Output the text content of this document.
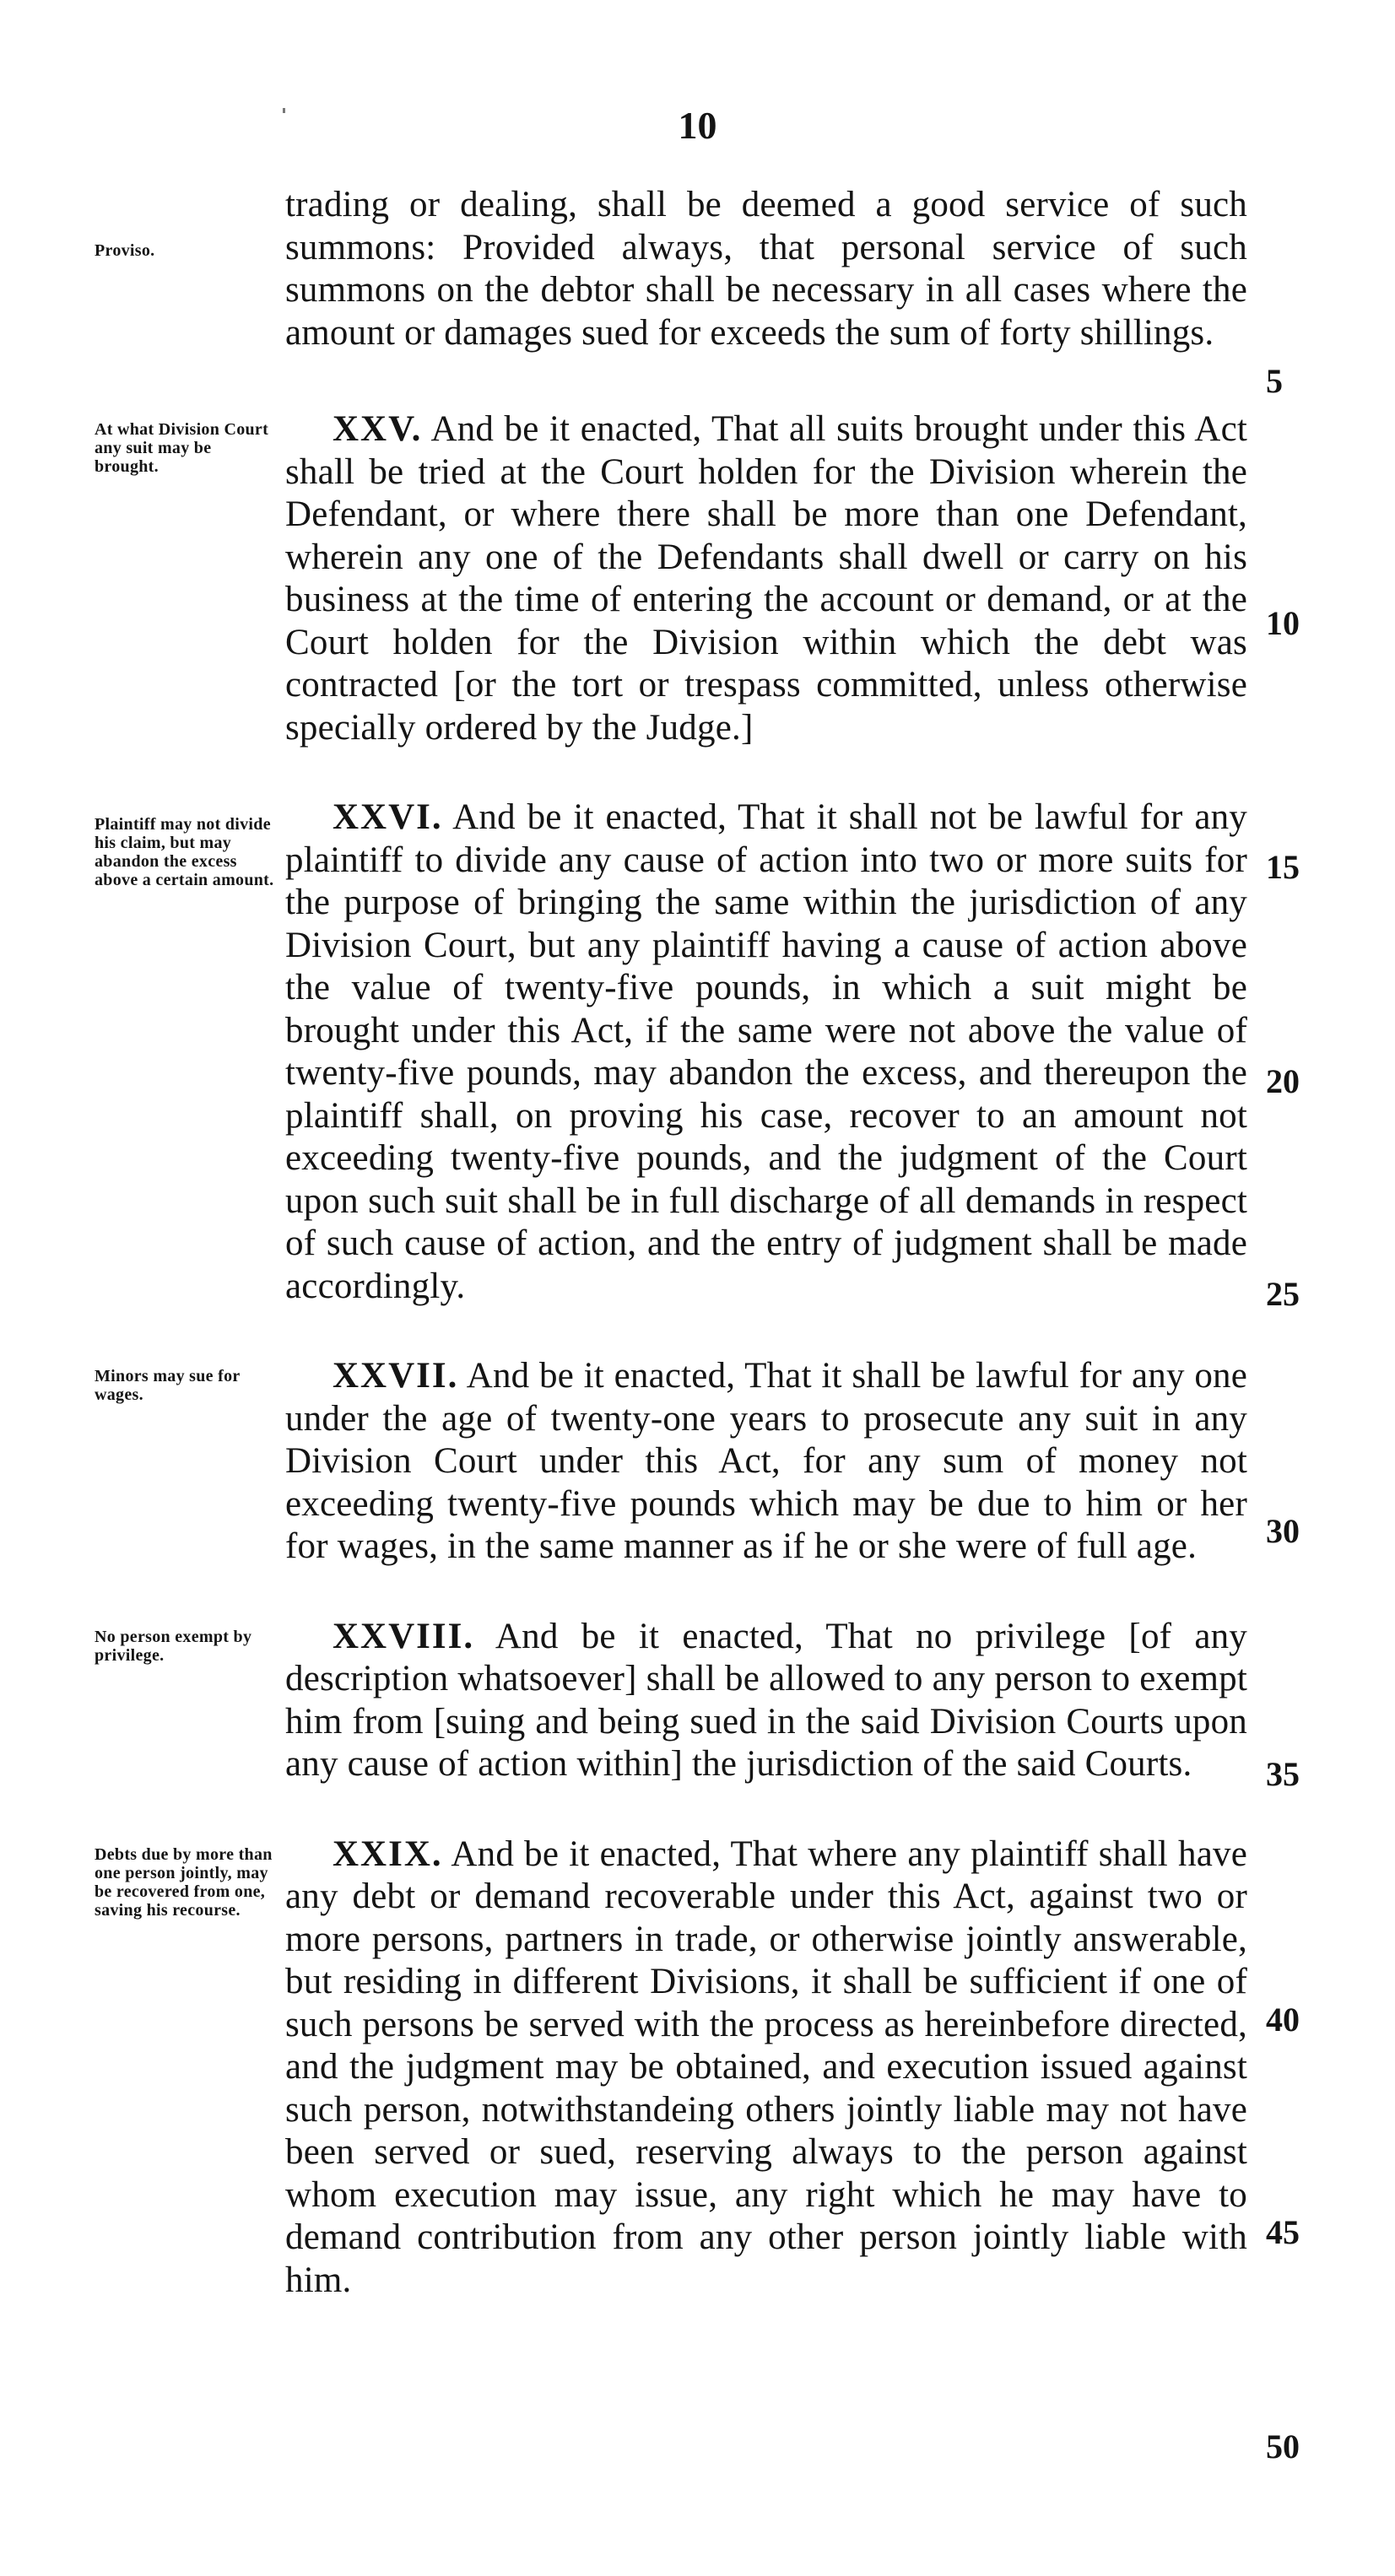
10
Proviso.
trading or dealing, shall be deemed a good service of such summons: Provided always, that personal service of such summons on the debtor shall be necessary in all cases where the amount or damages sued for exceeds the sum of forty shillings.
At what Division Court any suit may be brought.
XXV. And be it enacted, That all suits brought under this Act shall be tried at the Court holden for the Division wherein the Defendant, or where there shall be more than one Defendant, wherein any one of the Defendants shall dwell or carry on his business at the time of entering the account or demand, or at the Court holden for the Division within which the debt was contracted [or the tort or trespass committed, unless otherwise specially ordered by the Judge.]
Plaintiff may not divide his claim, but may abandon the excess above a certain amount.
XXVI. And be it enacted, That it shall not be lawful for any plaintiff to divide any cause of action into two or more suits for the purpose of bringing the same within the jurisdiction of any Division Court, but any plaintiff having a cause of action above the value of twenty-five pounds, in which a suit might be brought under this Act, if the same were not above the value of twenty-five pounds, may abandon the excess, and thereupon the plaintiff shall, on proving his case, recover to an amount not exceeding twenty-five pounds, and the judgment of the Court upon such suit shall be in full discharge of all demands in respect of such cause of action, and the entry of judgment shall be made accordingly.
Minors may sue for wages.	XXVII. And be it enacted, That it shall be lawful for any one under the age of twenty-one years to prosecute any suit in any Division Court under this Act, for any sum of money not exceeding twenty-five pounds which may be due to him or her for wages, in the same manner as if he or she were of full age.
No person exempt by privilege.	XXVIII. And be it enacted, That no privilege [of any description whatsoever] shall be allowed to any person to exempt him from [suing and being sued in the said Division Courts upon any cause of action within] the jurisdiction of the said Courts.
Debts due by more than one person jointly, may be recovered from one, saving his recourse.
XXIX. And be it enacted, That where any plaintiff shall have any debt or demand recoverable under this Act, against two or more persons, partners in trade, or otherwise jointly answerable, but residing in different Divisions, it shall be sufficient if one of such persons be served with the process as hereinbefore directed, and the judgment may be obtained, and execution issued against such person, notwithstandeing others jointly liable may not have been served or sued, reserving always to the person against whom execution may issue, any right which he may have to demand contribution from any other person jointly liable with him.
5
10
15
20
25
30
35
40
45
50
